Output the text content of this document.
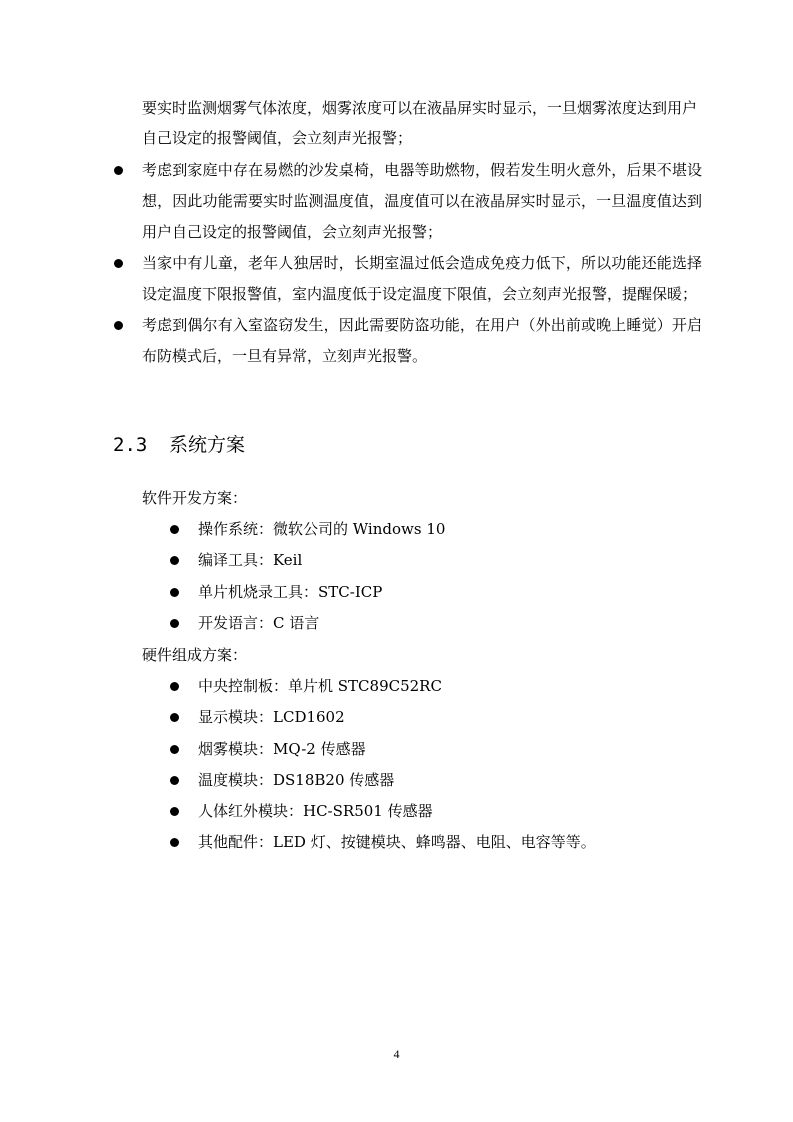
要实时监测烟雾气体浓度，烟雾浓度可以在液晶屏实时显示，一旦烟雾浓度达到用户自己设定的报警阈值，会立刻声光报警；
考虑到家庭中存在易燃的沙发桌椅，电器等助燃物，假若发生明火意外，后果不堪设想，因此功能需要实时监测温度值，温度值可以在液晶屏实时显示，一旦温度值达到用户自己设定的报警阈值，会立刻声光报警；
当家中有儿童，老年人独居时，长期室温过低会造成免疫力低下，所以功能还能选择设定温度下限报警值，室内温度低于设定温度下限值，会立刻声光报警，提醒保暖；
考虑到偶尔有入室盗窃发生，因此需要防盗功能，在用户（外出前或晚上睡觉）开启布防模式后，一旦有异常，立刻声光报警。
2.3 系统方案
软件开发方案：
操作系统：微软公司的 Windows 10
编译工具：Keil
单片机烧录工具：STC-ICP
开发语言：C 语言
硬件组成方案：
中央控制板：单片机 STC89C52RC
显示模块：LCD1602
烟雾模块：MQ-2 传感器
温度模块：DS18B20 传感器
人体红外模块：HC-SR501 传感器
其他配件：LED 灯、按键模块、蜂鸣器、电阻、电容等等。
4
